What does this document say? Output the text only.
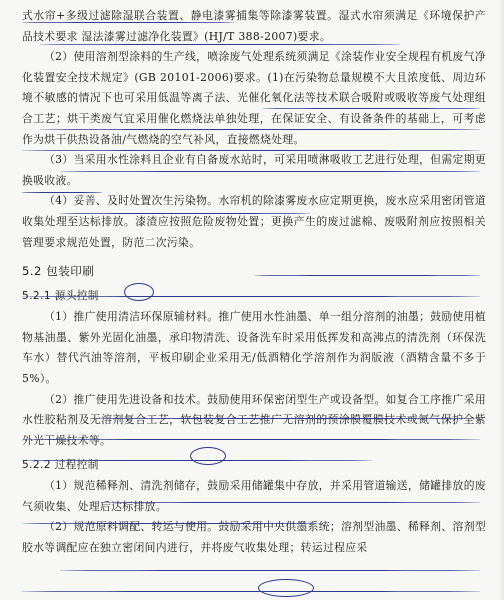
式水帘+多级过滤除湿联合装置、静电漆雾捕集等除漆雾装置。湿式水帘须满足《环境保护产品技术要求 湿法漆雾过滤净化装置》(HJ/T 388-2007)要求。

（2）使用溶剂型涂料的生产线，喷涂废气处理系统须满足《涂装作业安全规程有机废气净化装置安全技术规定》(GB 20101-2006)要求。(1)在污染物总量规模不大且浓度低、周边环境不敏感的情况下也可采用低温等离子法、光催化氧化法等技术联合吸附或吸收等废气处理组合工艺；烘干类废气宜采用催化燃烧法单独处理，在保证安全、有设备条件的基础上，可考虑作为烘干供热设备油/气燃烧的空气补风，直接燃烧处理。

（3）当采用水性涂料且企业有自备废水站时，可采用喷淋吸收工艺进行处理，但需定期更换吸收液。

（4）妥善、及时处置次生污染物。水帘机的除漆雾废水应定期更换，废水应采用密闭管道收集处理至达标排放。漆渣应按照危险废物处置；更换产生的废过滤棉、废吸附剂应按照相关管理要求规范处置，防范二次污染。

5.2 包装印刷
5.2.1 源头控制

（1）推广使用清洁环保原辅材料。推广使用水性油墨、单一组分溶剂的油墨；鼓励使用植物基油墨、紫外光固化油墨，承印物清洗、设备洗车时采用低挥发和高沸点的清洗剂（环保洗车水）替代汽油等溶剂，平板印刷企业采用无/低酒精化学溶剂作为润版液（酒精含量不多于 5%）。

（2）推广使用先进设备和技术。鼓励使用环保密闭型生产或设备型。如复合工序推广采用水性胶粘剂及无溶剂复合工艺，软包装复合工艺推广无溶剂的预涂膜覆膜技术或氮气保护全紫外光干燥技术等。

5.2.2 过程控制

（1）规范稀释剂、清洗剂储存，鼓励采用储罐集中存放，并采用管道输送，储罐排放的废气须收集、处理后达标排放。

（2）规范原料调配、转运与使用。鼓励采用中央供墨系统；溶剂型油墨、稀释剂、溶剂型胶水等调配应在独立密闭间内进行，并将废气收集处理；转运过程应采
